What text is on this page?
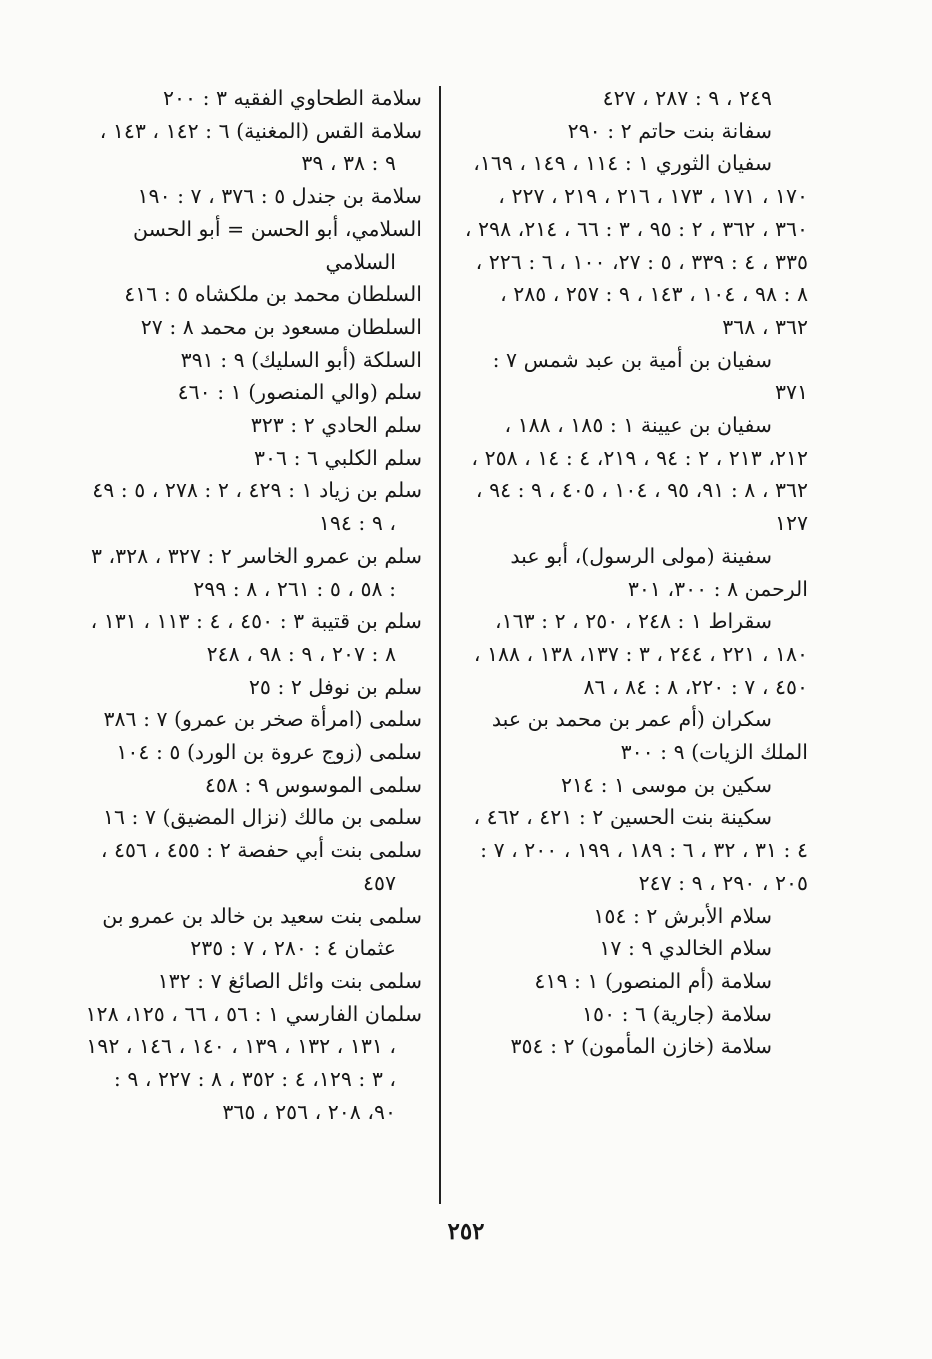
٢٤٩ ، ٩ : ٢٨٧ ، ٤٢٧

سفانة بنت حاتم ٢ : ٢٩٠

سفيان الثوري ١ : ١١٤ ، ١٤٩ ، ١٦٩، ١٧٠ ، ١٧١ ، ١٧٣ ، ٢١٦ ، ٢١٩ ، ٢٢٧ ، ٣٦٠ ، ٣٦٢ ، ٢ : ٩٥ ، ٣ : ٦٦ ، ٢١٤، ٢٩٨ ، ٣٣٥ ، ٤ : ٣٣٩ ، ٥ : ٢٧، ١٠٠ ، ٦ : ٢٢٦ ، ٨ : ٩٨ ، ١٠٤ ، ١٤٣ ، ٩ : ٢٥٧ ، ٢٨٥ ، ٣٦٢ ، ٣٦٨

سفيان بن أمية بن عبد شمس ٧ : ٣٧١

سفيان بن عيينة ١ : ١٨٥ ، ١٨٨ ، ٢١٢، ٢١٣ ، ٢ : ٩٤ ، ٢١٩، ٤ : ١٤ ، ٢٥٨ ، ٣٦٢ ، ٨ : ٩١، ٩٥ ، ١٠٤ ، ٤٠٥ ، ٩ : ٩٤ ، ١٢٧

سفينة (مولى الرسول)، أبو عبد الرحمن ٨ : ٣٠٠، ٣٠١

سقراط ١ : ٢٤٨ ، ٢٥٠ ، ٢ : ١٦٣، ١٨٠ ، ٢٢١ ، ٢٤٤ ، ٣ : ١٣٧، ١٣٨ ، ١٨٨ ، ٤٥٠ ، ٧ : ٢٢٠، ٨ : ٨٤ ، ٨٦

سكران (أم عمر بن محمد بن عبد الملك الزيات) ٩ : ٣٠٠

سكين بن موسى ١ : ٢١٤

سكينة بنت الحسين ٢ : ٤٢١ ، ٤٦٢ ، ٤ : ٣١ ، ٣٢ ، ٦ : ١٨٩ ، ١٩٩ ، ٢٠٠ ، ٧ : ٢٠٥ ، ٢٩٠ ، ٩ : ٢٤٧

سلام الأبرش ٢ : ١٥٤

سلام الخالدي ٩ : ١٧

سلامة (أم المنصور) ١ : ٤١٩

سلامة (جارية) ٦ : ١٥٠

سلامة (خازن المأمون) ٢ : ٣٥٤

سلامة الطحاوي الفقيه ٣ : ٢٠٠

سلامة القس (المغنية) ٦ : ١٤٢ ، ١٤٣ ، ٩ : ٣٨ ، ٣٩

سلامة بن جندل ٥ : ٣٧٦ ، ٧ : ١٩٠

السلامي، أبو الحسن = أبو الحسن السلامي

السلطان محمد بن ملكشاه ٥ : ٤١٦

السلطان مسعود بن محمد ٨ : ٢٧

السلكة (أبو السليك) ٩ : ٣٩١

سلم (والي المنصور) ١ : ٤٦٠

سلم الحادي ٢ : ٣٢٣

سلم الكلبي ٦ : ٣٠٦

سلم بن زياد ١ : ٤٢٩ ، ٢ : ٢٧٨ ، ٥ : ٤٩ ، ٩ : ١٩٤

سلم بن عمرو الخاسر ٢ : ٣٢٧ ، ٣٢٨، ٣ : ٥٨ ، ٥ : ٢٦١ ، ٨ : ٢٩٩

سلم بن قتيبة ٣ : ٤٥٠ ، ٤ : ١١٣ ، ١٣١ ، ٨ : ٢٠٧ ، ٩ : ٩٨ ، ٢٤٨

سلم بن نوفل ٢ : ٢٥

سلمى (امرأة صخر بن عمرو) ٧ : ٣٨٦

سلمى (زوج عروة بن الورد) ٥ : ١٠٤

سلمى الموسوس ٩ : ٤٥٨

سلمى بن مالك (نزال المضيق) ٧ : ١٦

سلمى بنت أبي حفصة ٢ : ٤٥٥ ، ٤٥٦ ، ٤٥٧

سلمى بنت سعيد بن خالد بن عمرو بن عثمان ٤ : ٢٨٠ ، ٧ : ٢٣٥

سلمى بنت وائل الصائغ ٧ : ١٣٢

سلمان الفارسي ١ : ٥٦ ، ٦٦ ، ١٢٥، ١٢٨ ، ١٣١ ، ١٣٢ ، ١٣٩ ، ١٤٠ ، ١٤٦ ، ١٩٢ ، ٣ : ١٢٩، ٤ : ٣٥٢ ، ٨ : ٢٢٧ ، ٩ : ٩٠، ٢٠٨ ، ٢٥٦ ، ٣٦٥

٢٥٢
